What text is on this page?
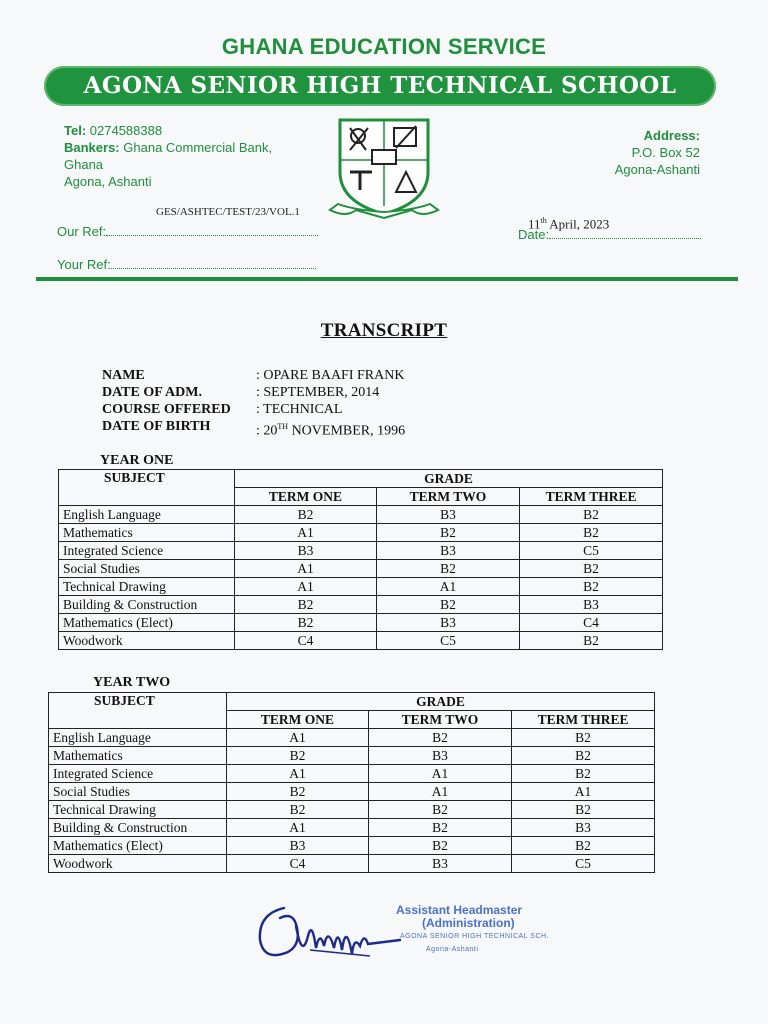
GHANA EDUCATION SERVICE
AGONA SENIOR HIGH TECHNICAL SCHOOL
Tel: 0274588388
Bankers: Ghana Commercial Bank,
Ghana
Agona, Ashanti
Address:
P.O. Box 52
Agona-Ashanti
GES/ASHTEC/TEST/23/VOL.1
Our Ref:
Your Ref:
Date:
11th April, 2023
TRANSCRIPT
NAME	: OPARE BAAFI FRANK
DATE OF ADM.	: SEPTEMBER, 2014
COURSE OFFERED	: TECHNICAL
DATE OF BIRTH	: 20TH NOVEMBER, 1996
YEAR ONE
SUBJECT	GRADE		
	TERM ONE	TERM TWO	TERM THREE
English Language	B2	B3	B2
Mathematics	A1	B2	B2
Integrated Science	B3	B3	C5
Social Studies	A1	B2	B2
Technical Drawing	A1	A1	B2
Building & Construction	B2	B2	B3
Mathematics (Elect)	B2	B3	C4
Woodwork	C4	C5	B2
YEAR TWO
SUBJECT	GRADE		
	TERM ONE	TERM TWO	TERM THREE
English Language	A1	B2	B2
Mathematics	B2	B3	B2
Integrated Science	A1	A1	B2
Social Studies	B2	A1	A1
Technical Drawing	B2	B2	B2
Building & Construction	A1	B2	B3
Mathematics (Elect)	B3	B2	B2
Woodwork	C4	B3	C5
Assistant Headmaster
(Administration)
AGONA SENIOR HIGH TECHNICAL SCH.
Agona-Ashanti
